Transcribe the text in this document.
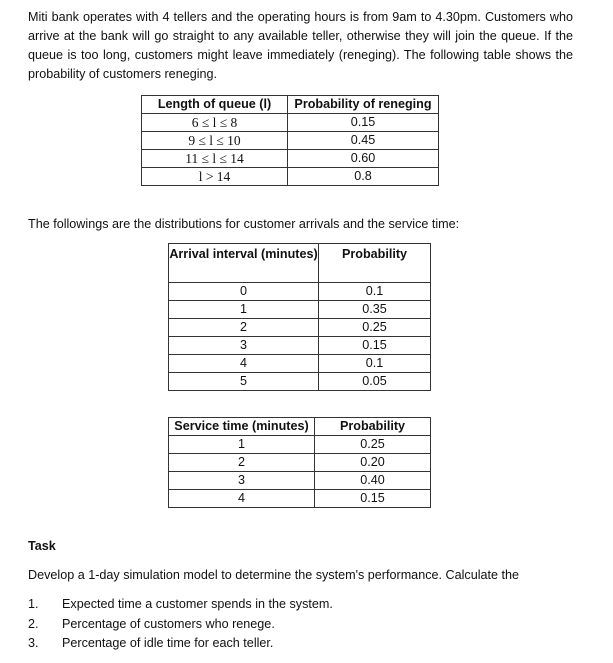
Miti bank operates with 4 tellers and the operating hours is from 9am to 4.30pm. Customers who arrive at the bank will go straight to any available teller, otherwise they will join the queue. If the queue is too long, customers might leave immediately (reneging). The following table shows the probability of customers reneging.

Length of queue (l)	Probability of reneging
6 ≤ l ≤ 8	0.15
9 ≤ l ≤ 10	0.45
11 ≤ l ≤ 14	0.60
l > 14	0.8

The followings are the distributions for customer arrivals and the service time:

Arrival interval (minutes)	Probability
0	0.1
1	0.35
2	0.25
3	0.15
4	0.1
5	0.05
Service time (minutes)	Probability
1	0.25
2	0.20
3	0.40
4	0.15

Task

Develop a 1-day simulation model to determine the system's performance. Calculate the

1.	Expected time a customer spends in the system.
2.	Percentage of customers who renege.
3.	Percentage of idle time for each teller.
